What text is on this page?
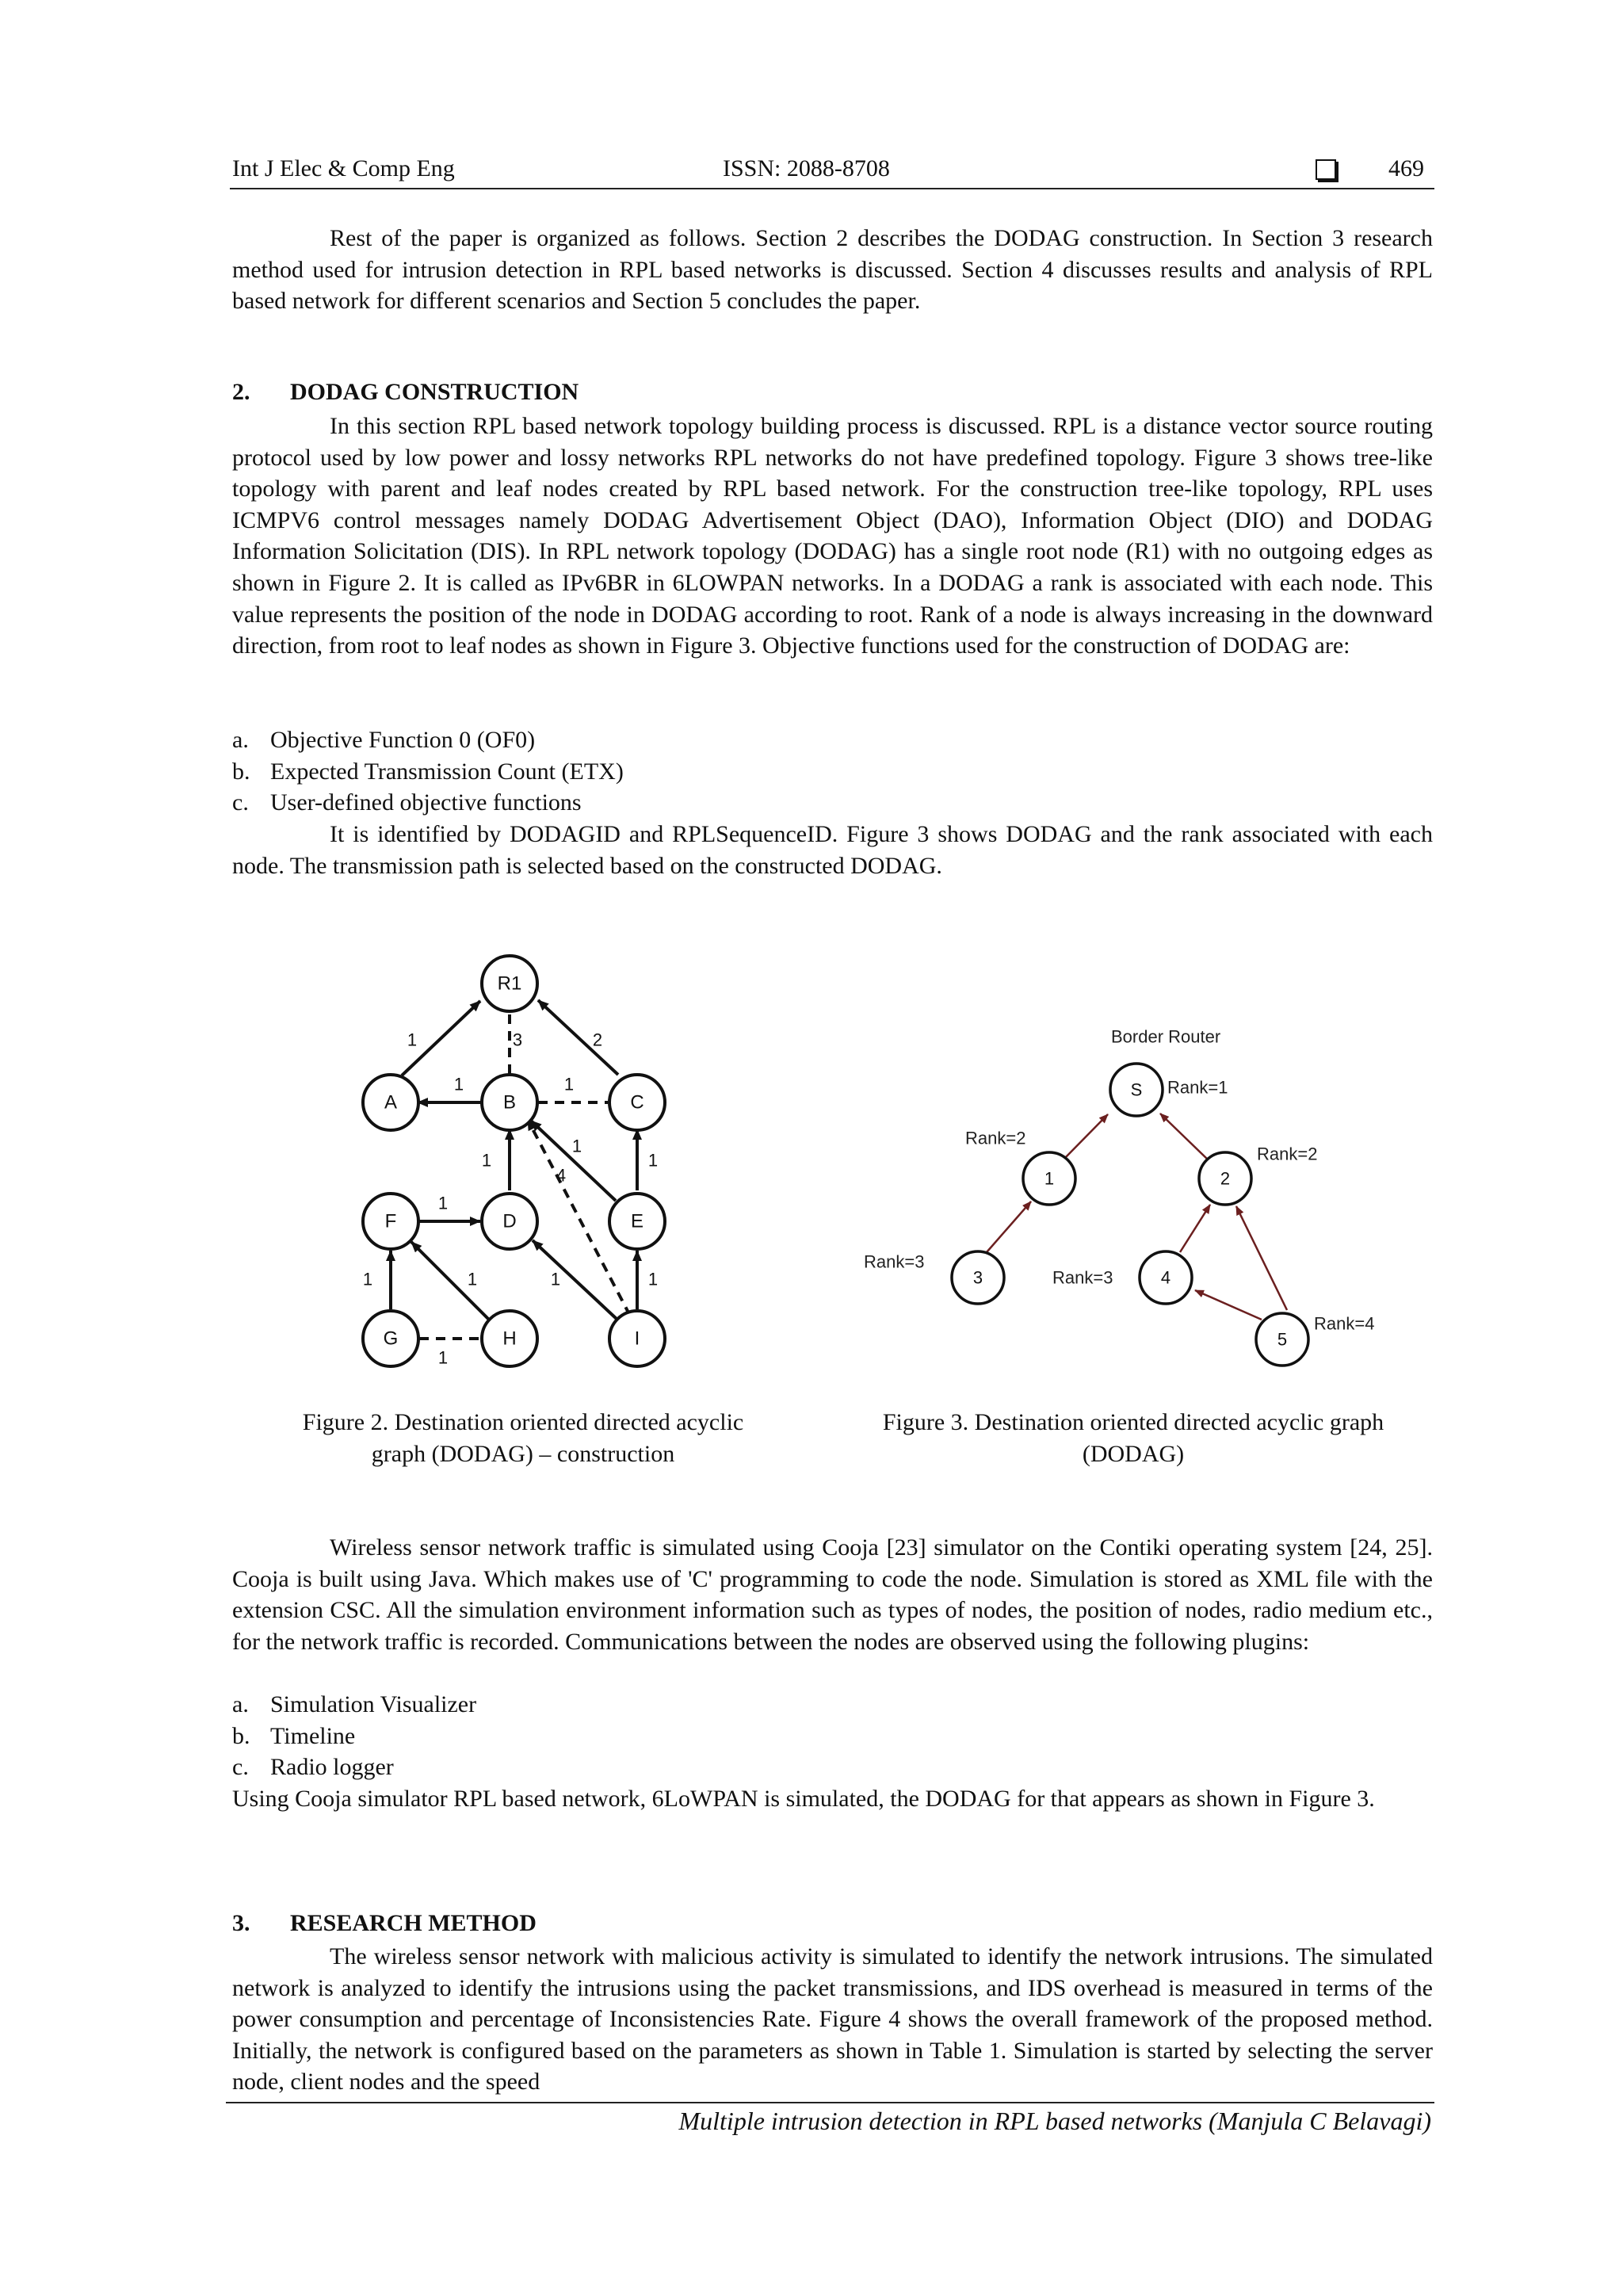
Int J Elec & Comp Eng	ISSN: 2088-8708	469
Rest of the paper is organized as follows. Section 2 describes the DODAG construction. In Section 3 research method used for intrusion detection in RPL based networks is discussed. Section 4 discusses results and analysis of RPL based network for different scenarios and Section 5 concludes the paper.
2. DODAG CONSTRUCTION
In this section RPL based network topology building process is discussed. RPL is a distance vector source routing protocol used by low power and lossy networks RPL networks do not have predefined topology. Figure 3 shows tree-like topology with parent and leaf nodes created by RPL based network. For the construction tree-like topology, RPL uses ICMPV6 control messages namely DODAG Advertisement Object (DAO), Information Object (DIO) and DODAG Information Solicitation (DIS). In RPL network topology (DODAG) has a single root node (R1) with no outgoing edges as shown in Figure 2. It is called as IPv6BR in 6LOWPAN networks. In a DODAG a rank is associated with each node. This value represents the position of the node in DODAG according to root. Rank of a node is always increasing in the downward direction, from root to leaf nodes as shown in Figure 3. Objective functions used for the construction of DODAG are:
a. Objective Function 0 (OF0)
b. Expected Transmission Count (ETX)
c. User-defined objective functions
It is identified by DODAGID and RPLSequenceID. Figure 3 shows DODAG and the rank associated with each node. The transmission path is selected based on the constructed DODAG.
R1
A	B	C
F	D	E
G	H	I
1	3	2
1	1
1
4
1
1
1
1	1	1	1
1
Figure 2. Destination oriented directed acyclic
graph (DODAG) – construction
S
1	2
3	4
5
Border Router
Rank=1
Rank=2
Rank=2
Rank=3
Rank=3
Rank=4
Figure 3. Destination oriented directed acyclic graph
(DODAG)
Wireless sensor network traffic is simulated using Cooja [23] simulator on the Contiki operating system [24, 25]. Cooja is built using Java. Which makes use of 'C' programming to code the node. Simulation is stored as XML file with the extension CSC. All the simulation environment information such as types of nodes, the position of nodes, radio medium etc., for the network traffic is recorded. Communications between the nodes are observed using the following plugins:
a. Simulation Visualizer
b. Timeline
c. Radio logger
Using Cooja simulator RPL based network, 6LoWPAN is simulated, the DODAG for that appears as shown in Figure 3.
3. RESEARCH METHOD
The wireless sensor network with malicious activity is simulated to identify the network intrusions. The simulated network is analyzed to identify the intrusions using the packet transmissions, and IDS overhead is measured in terms of the power consumption and percentage of Inconsistencies Rate. Figure 4 shows the overall framework of the proposed method. Initially, the network is configured based on the parameters as shown in Table 1. Simulation is started by selecting the server node, client nodes and the speed
Multiple intrusion detection in RPL based networks (Manjula C Belavagi)
